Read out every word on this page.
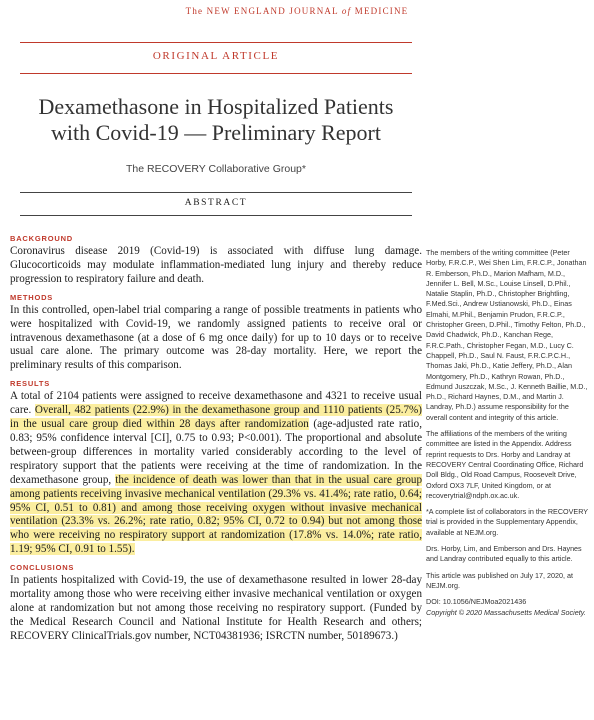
The NEW ENGLAND JOURNAL of MEDICINE
ORIGINAL ARTICLE
Dexamethasone in Hospitalized Patients with Covid-19 — Preliminary Report
The RECOVERY Collaborative Group*
ABSTRACT
BACKGROUND

Coronavirus disease 2019 (Covid-19) is associated with diffuse lung damage. Glucocorticoids may modulate inflammation-mediated lung injury and thereby reduce progression to respiratory failure and death.

METHODS

In this controlled, open-label trial comparing a range of possible treatments in patients who were hospitalized with Covid-19, we randomly assigned patients to receive oral or intravenous dexamethasone (at a dose of 6 mg once daily) for up to 10 days or to receive usual care alone. The primary outcome was 28-day mortality. Here, we report the preliminary results of this comparison.

RESULTS

A total of 2104 patients were assigned to receive dexamethasone and 4321 to receive usual care. Overall, 482 patients (22.9%) in the dexamethasone group and 1110 patients (25.7%) in the usual care group died within 28 days after randomization (age-adjusted rate ratio, 0.83; 95% confidence interval [CI], 0.75 to 0.93; P<0.001). The proportional and absolute between-group differences in mortality varied considerably according to the level of respiratory support that the patients were receiving at the time of randomization. In the dexamethasone group, the incidence of death was lower than that in the usual care group among patients receiving invasive mechanical ventilation (29.3% vs. 41.4%; rate ratio, 0.64; 95% CI, 0.51 to 0.81) and among those receiving oxygen without invasive mechanical ventilation (23.3% vs. 26.2%; rate ratio, 0.82; 95% CI, 0.72 to 0.94) but not among those who were receiving no respiratory support at randomization (17.8% vs. 14.0%; rate ratio, 1.19; 95% CI, 0.91 to 1.55).

CONCLUSIONS

In patients hospitalized with Covid-19, the use of dexamethasone resulted in lower 28-day mortality among those who were receiving either invasive mechanical ventilation or oxygen alone at randomization but not among those receiving no respiratory support. (Funded by the Medical Research Council and National Institute for Health Research and others; RECOVERY ClinicalTrials.gov number, NCT04381936; ISRCTN number, 50189673.)

The members of the writing committee (Peter Horby, F.R.C.P., Wei Shen Lim, F.R.C.P., Jonathan R. Emberson, Ph.D., Marion Mafham, M.D., Jennifer L. Bell, M.Sc., Louise Linsell, D.Phil., Natalie Staplin, Ph.D., Christopher Brightling, F.Med.Sci., Andrew Ustianowski, Ph.D., Einas Elmahi, M.Phil., Benjamin Prudon, F.R.C.P., Christopher Green, D.Phil., Timothy Felton, Ph.D., David Chadwick, Ph.D., Kanchan Rege, F.R.C.Path., Christopher Fegan, M.D., Lucy C. Chappell, Ph.D., Saul N. Faust, F.R.C.P.C.H., Thomas Jaki, Ph.D., Katie Jeffery, Ph.D., Alan Montgomery, Ph.D., Kathryn Rowan, Ph.D., Edmund Juszczak, M.Sc., J. Kenneth Baillie, M.D., Ph.D., Richard Haynes, D.M., and Martin J. Landray, Ph.D.) assume responsibility for the overall content and integrity of this article.

The affiliations of the members of the writing committee are listed in the Appendix. Address reprint requests to Drs. Horby and Landray at RECOVERY Central Coordinating Office, Richard Doll Bldg., Old Road Campus, Roosevelt Drive, Oxford OX3 7LF, United Kingdom, or at recoverytrial@ndph.ox.ac.uk.

*A complete list of collaborators in the RECOVERY trial is provided in the Supplementary Appendix, available at NEJM.org.

Drs. Horby, Lim, and Emberson and Drs. Haynes and Landray contributed equally to this article.

This article was published on July 17, 2020, at NEJM.org.

DOI: 10.1056/NEJMoa2021436

Copyright © 2020 Massachusetts Medical Society.
